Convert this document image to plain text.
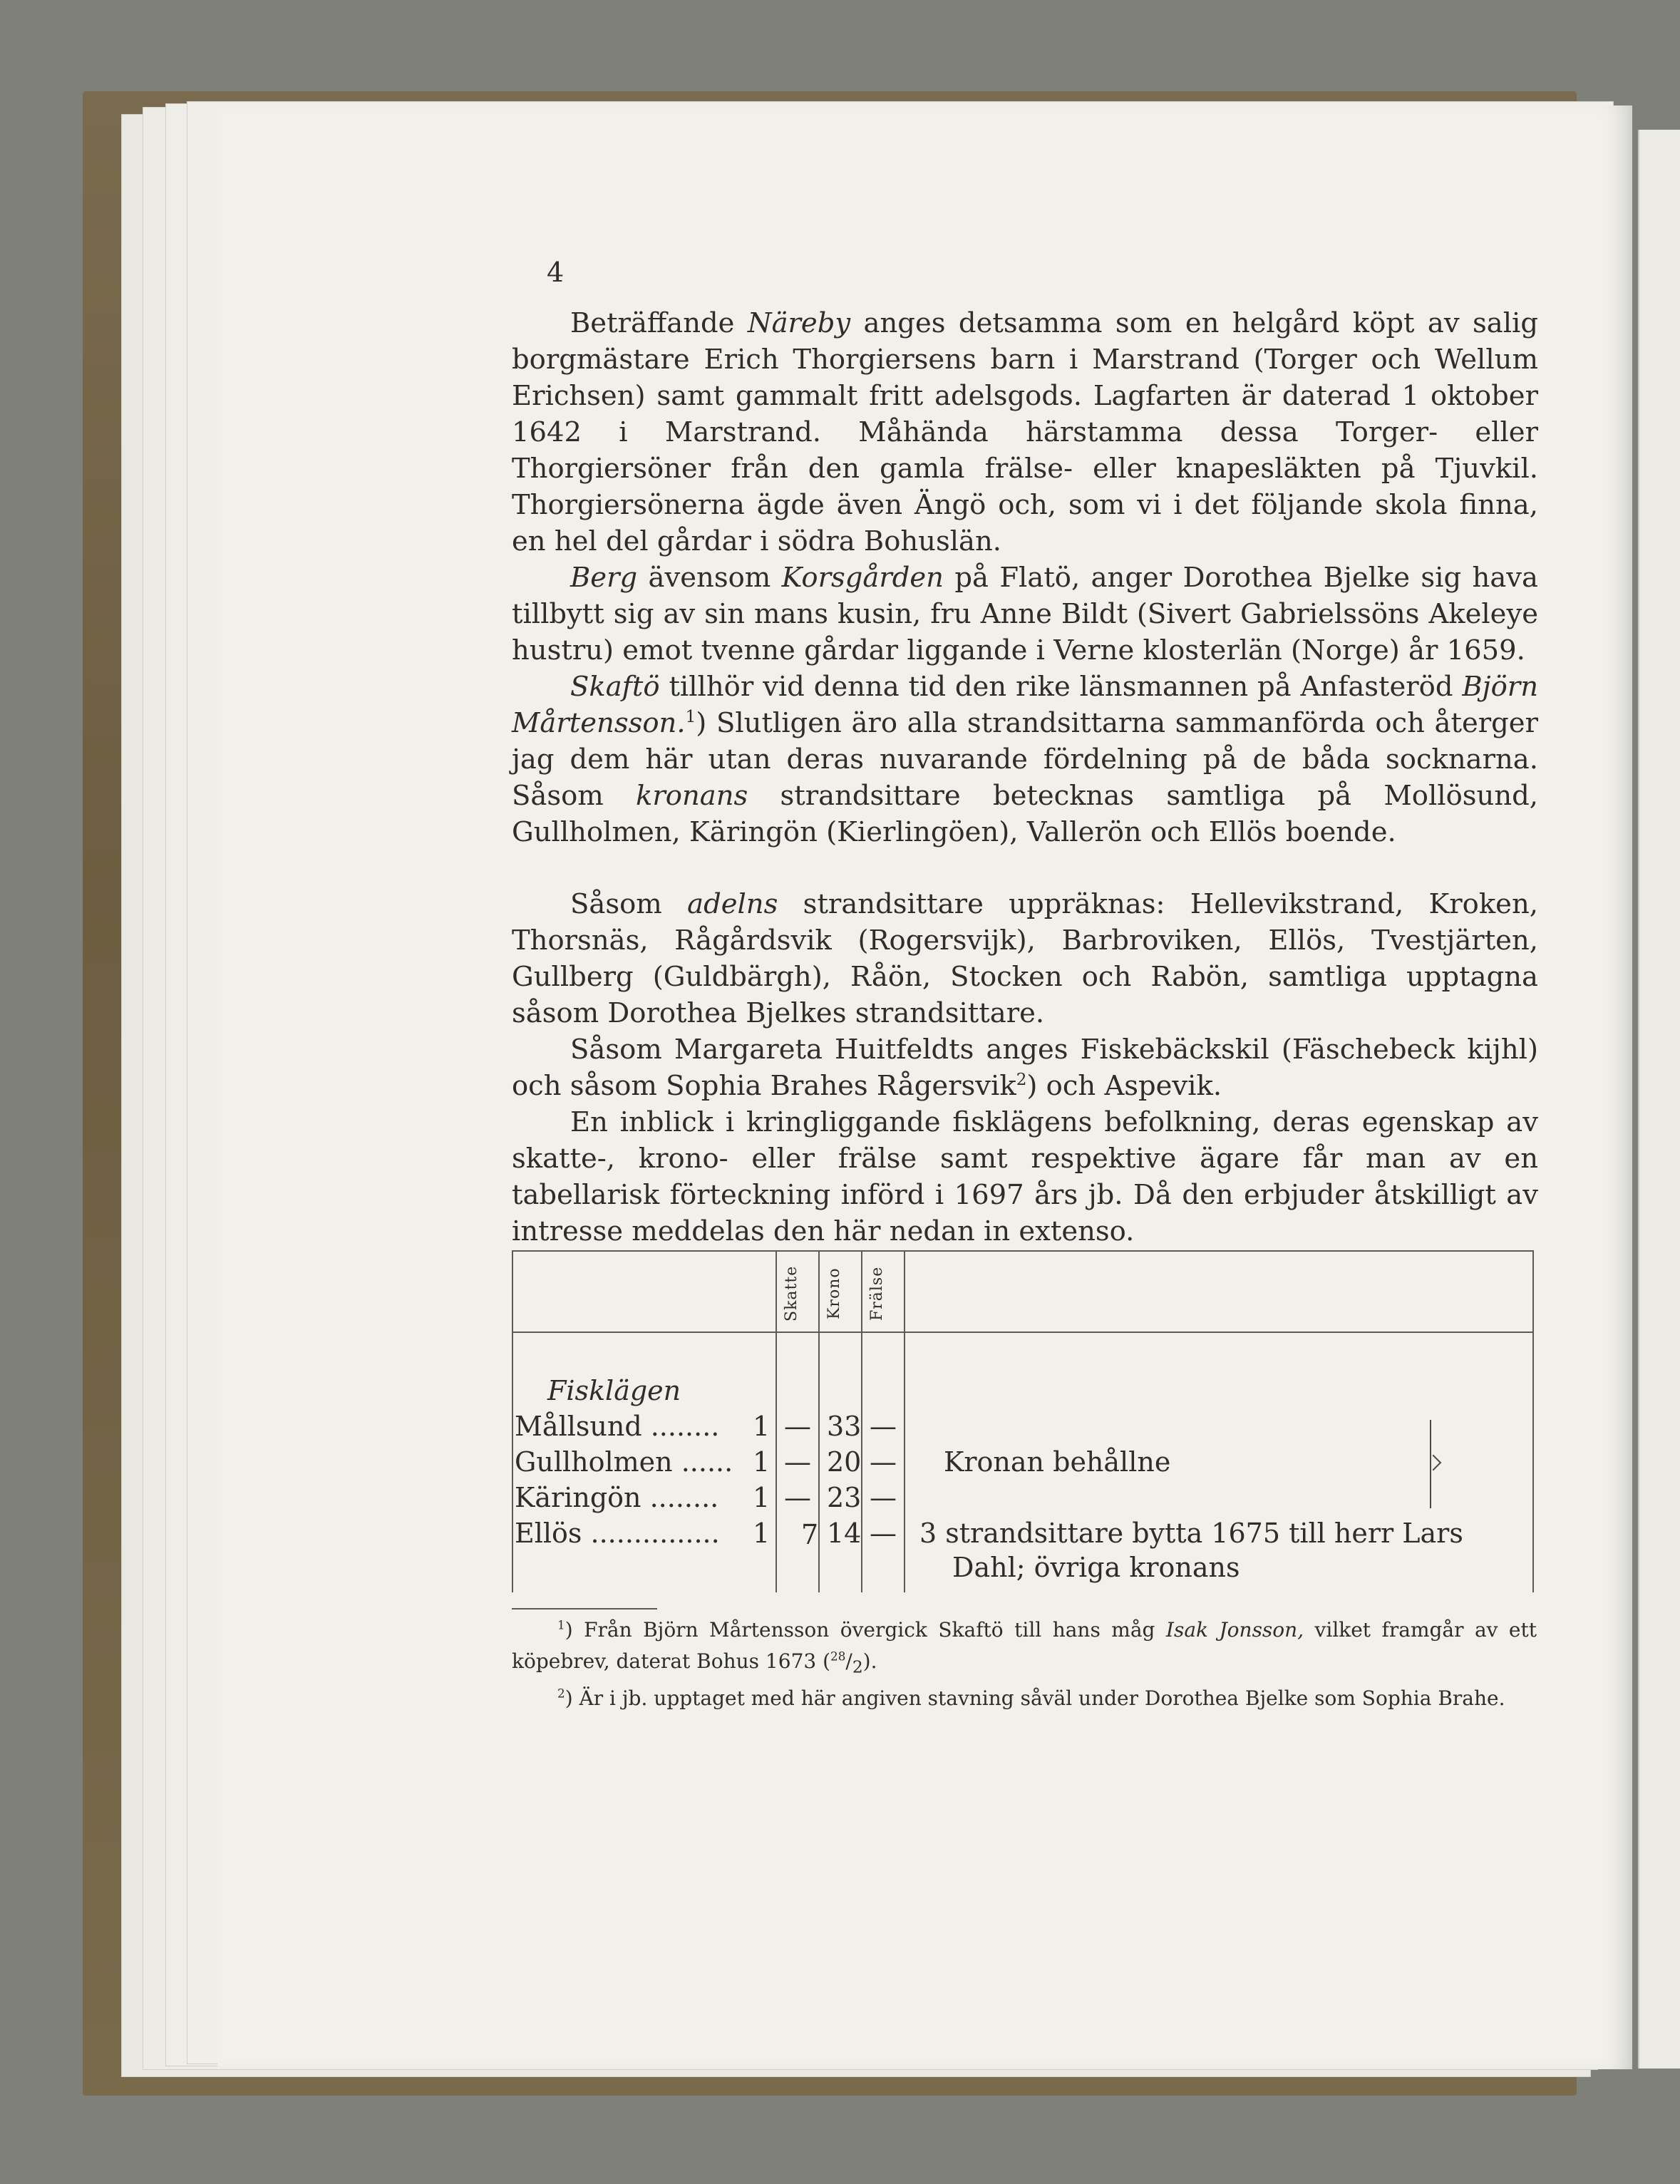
4

Beträffande Näreby anges detsamma som en helgård köpt av salig borgmästare Erich Thorgiersens barn i Marstrand (Torger och Wellum Erichsen) samt gammalt fritt adelsgods. Lagfarten är daterad 1 oktober 1642 i Marstrand. Måhända härstamma dessa Torger- eller Thorgiersöner från den gamla frälse- eller knapesläkten på Tjuvkil. Thorgiersönerna ägde även Ängö och, som vi i det följande skola finna, en hel del gårdar i södra Bohuslän.

Berg ävensom Korsgården på Flatö, anger Dorothea Bjelke sig hava tillbytt sig av sin mans kusin, fru Anne Bildt (Sivert Gabrielssöns Akeleye hustru) emot tvenne gårdar liggande i Verne klosterlän (Norge) år 1659.

Skaftö tillhör vid denna tid den rike länsmannen på Anfasteröd Björn Mårtensson.$^1$) Slutligen äro alla strandsittarna sammanförda och återger jag dem här utan deras nuvarande fördelning på de båda socknarna. Såsom kronans strandsittare betecknas samtliga på Mollösund, Gullholmen, Käringön (Kierlingöen), Vallerön och Ellös boende.

Såsom adelns strandsittare uppräknas: Hellevikstrand, Kroken, Thorsnäs, Rågårdsvik (Rogersvijk), Barbroviken, Ellös, Tvestjärten, Gullberg (Guldbärgh), Råön, Stocken och Rabön, samtliga upptagna såsom Dorothea Bjelkes strandsittare.

Såsom Margareta Huitfeldts anges Fiskebäckskil (Fäschebeck kijhl) och såsom Sophia Brahes Rågersvik$^2$) och Aspevik.

En inblick i kringliggande fisklägens befolkning, deras egenskap av skatte-, krono- eller frälse samt respektive ägare får man av en tabellarisk förteckning införd i 1697 års jb. Då den erbjuder åtskilligt av intresse meddelas den här nedan in extenso.

Skatte	Krono	Frälse
Fisklägen
Mållsund ........ 1 — 33 —
Gullholmen ...... 1 — 20 —
Käringön ........ 1 — 23 —
Ellös ............... 1 7 14 —
Kronan behållne
3 strandsittare bytta 1675 till herr Lars
Dahl; övriga kronans

$^1$) Från Björn Mårtensson övergick Skaftö till hans måg Isak Jonsson, vilket framgår av ett köpebrev, daterat Bohus 1673 $(^{28}/_2)$.

$^2$) Är i jb. upptaget med här angiven stavning såväl under Dorothea Bjelke som Sophia Brahe.
